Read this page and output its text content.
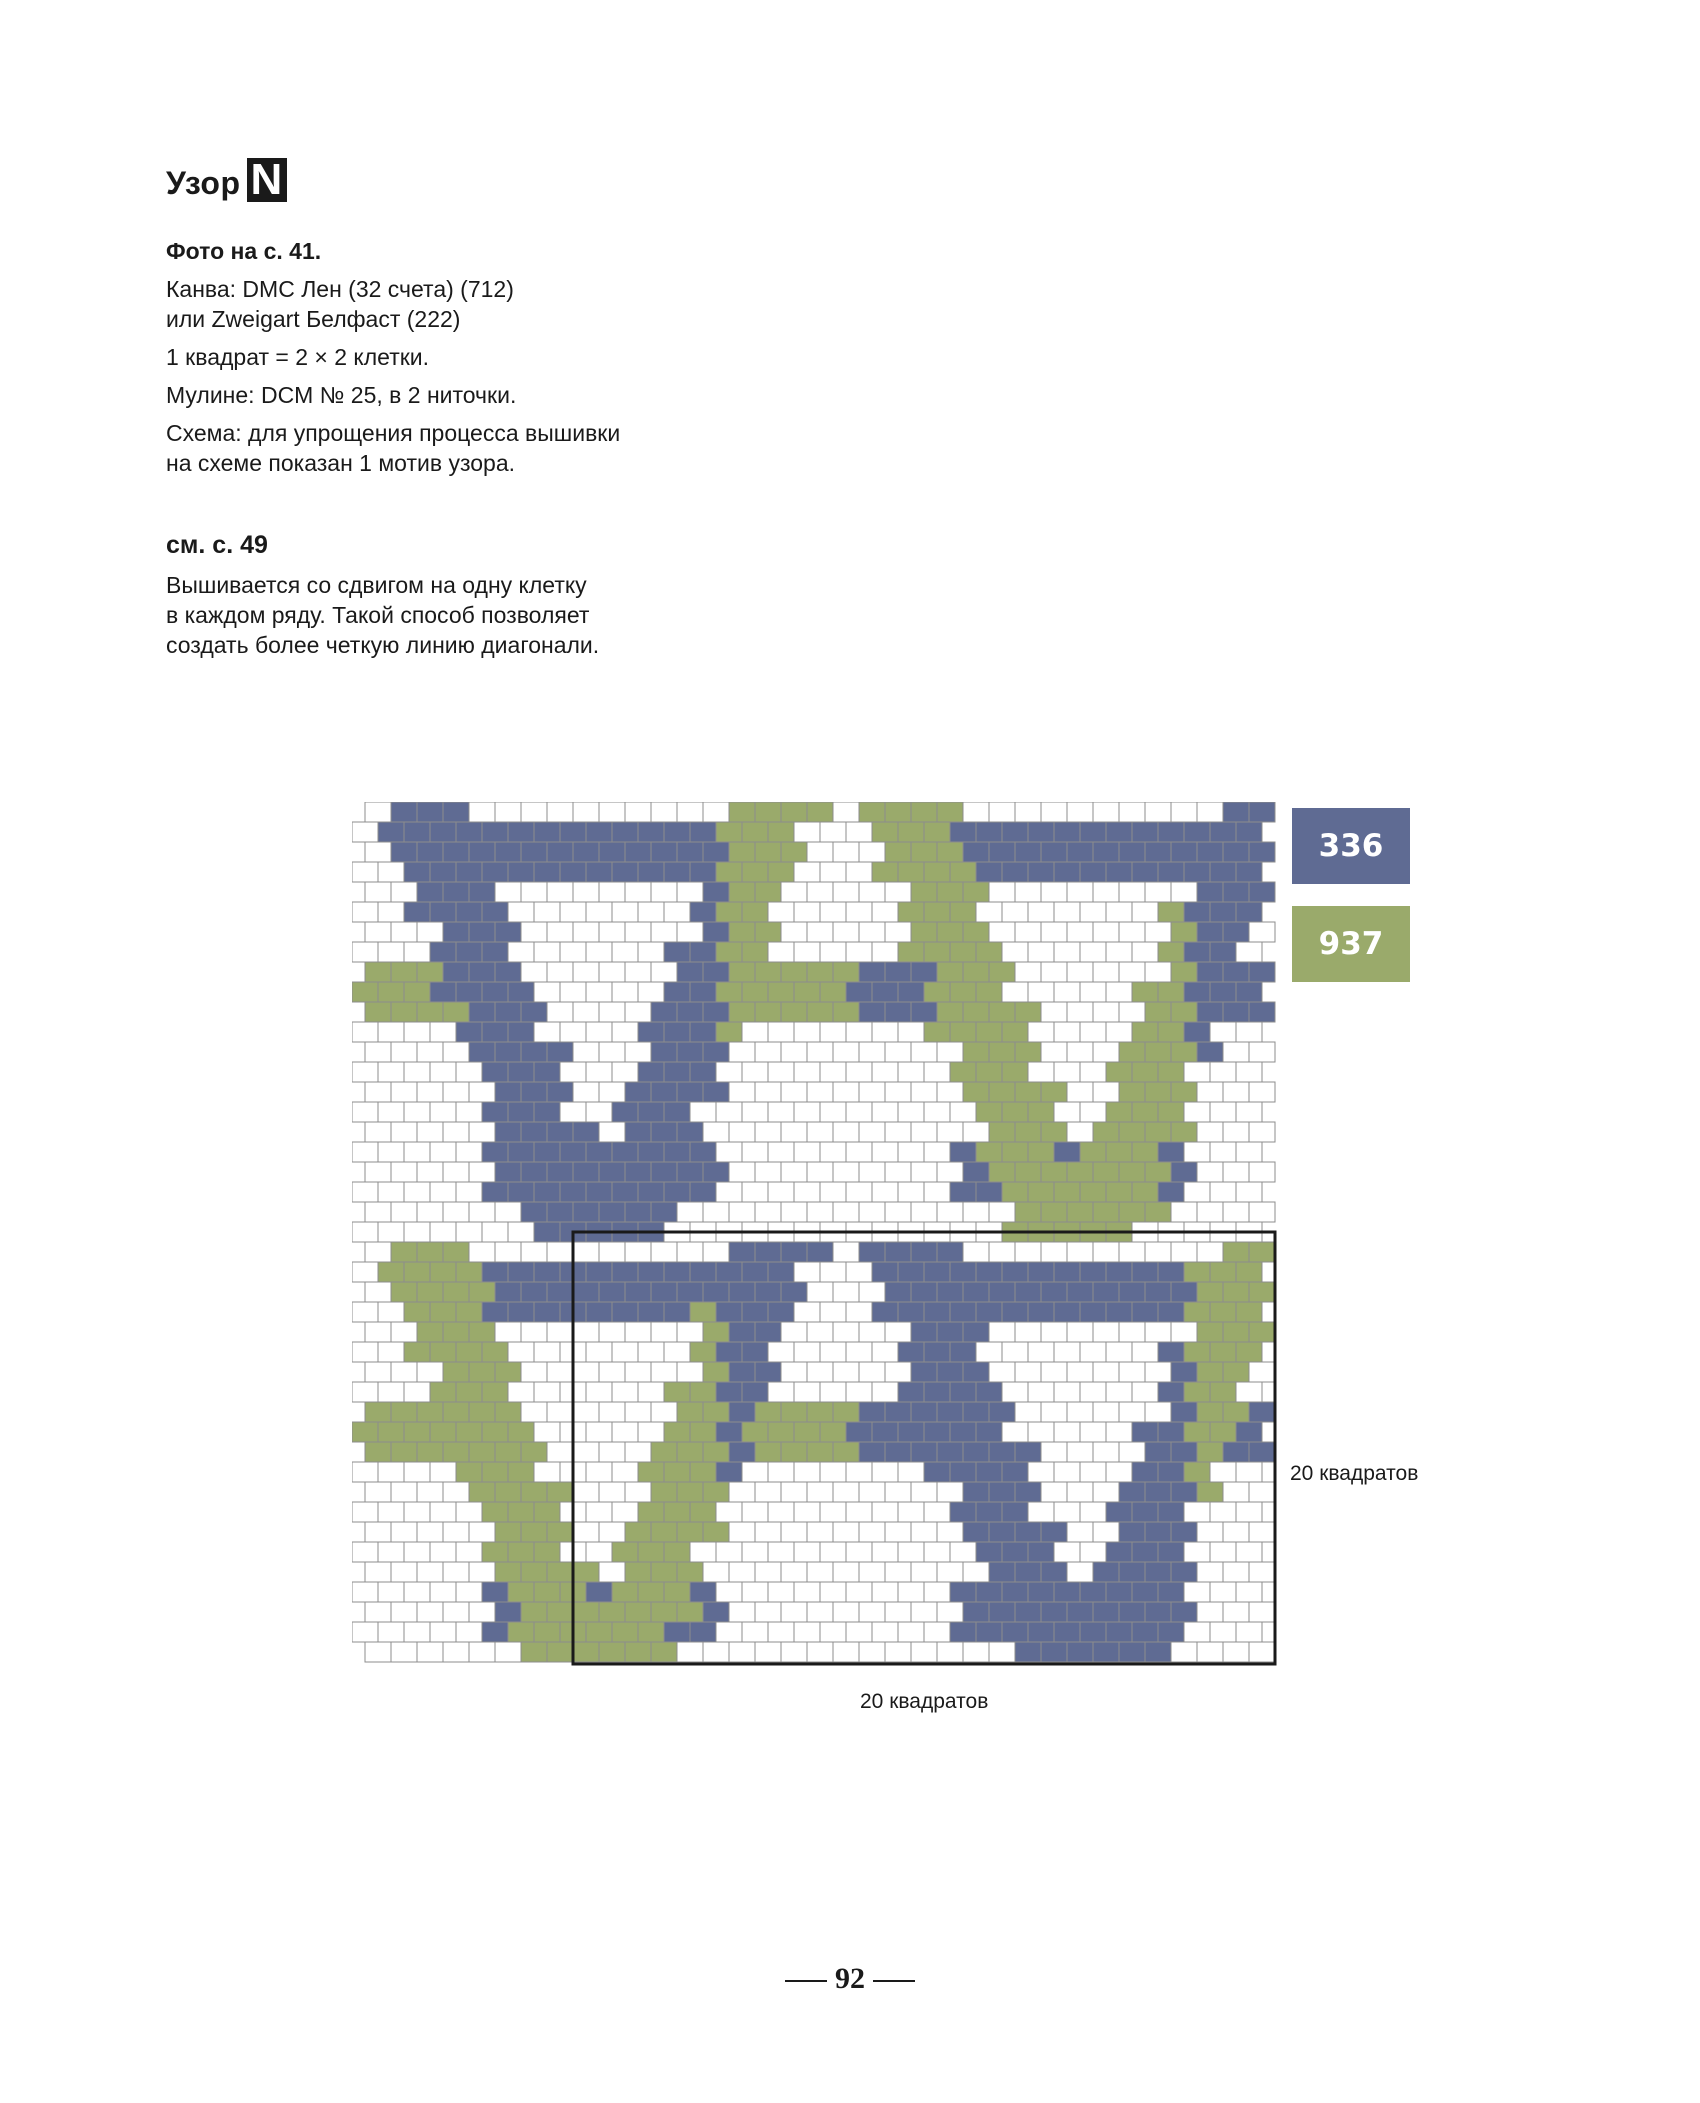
Узор N

Фото на с. 41.

Канва: DMC Лен (32 счета) (712)
или Zweigart Белфаст (222)

1 квадрат = 2 × 2 клетки.

Мулине: DCM № 25, в 2 ниточки.

Схема: для упрощения процесса вышивки
на схеме показан 1 мотив узора.

см. с. 49

Вышивается со сдвигом на одну клетку
в каждом ряду. Такой способ позволяет
создать более четкую линию диагонали.

336
937
20 квадратов
20 квадратов
92
